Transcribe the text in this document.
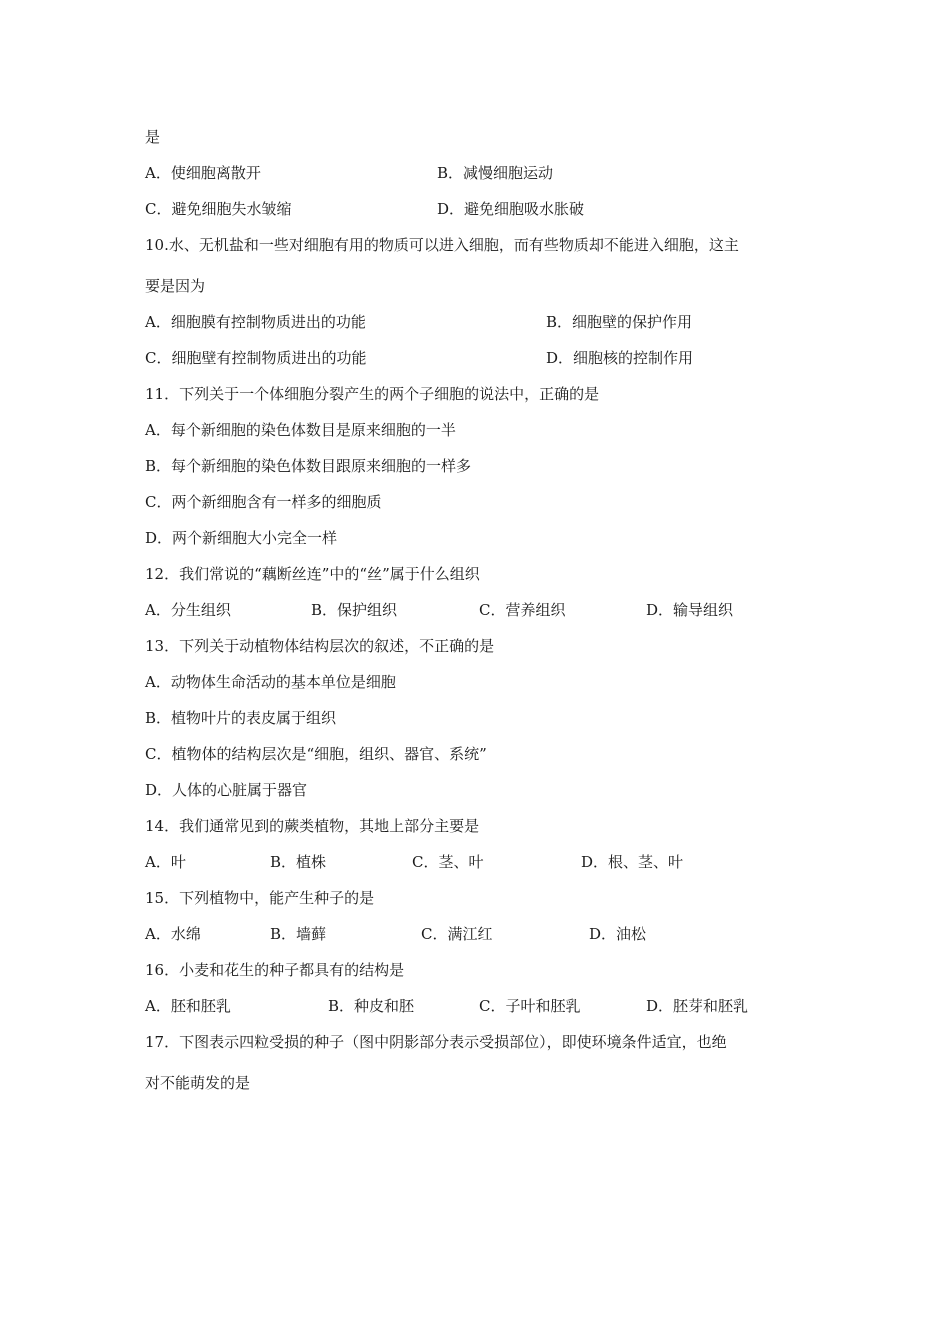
是
A．使细胞离散开	B．减慢细胞运动
C．避免细胞失水皱缩	D．避免细胞吸水胀破
10.水、无机盐和一些对细胞有用的物质可以进入细胞，而有些物质却不能进入细胞，这主
要是因为
A．细胞膜有控制物质进出的功能	B．细胞壁的保护作用
C．细胞壁有控制物质进出的功能	D．细胞核的控制作用
11．下列关于一个体细胞分裂产生的两个子细胞的说法中，正确的是
A．每个新细胞的染色体数目是原来细胞的一半
B．每个新细胞的染色体数目跟原来细胞的一样多
C．两个新细胞含有一样多的细胞质
D．两个新细胞大小完全一样
12．我们常说的“藕断丝连”中的“丝”属于什么组织
A．分生组织	B．保护组织	C．营养组织	D．输导组织
13．下列关于动植物体结构层次的叙述，不正确的是
A．动物体生命活动的基本单位是细胞
B．植物叶片的表皮属于组织
C．植物体的结构层次是“细胞，组织、器官、系统”
D．人体的心脏属于器官
14．我们通常见到的蕨类植物，其地上部分主要是
A．叶	B．植株	C．茎、叶	D．根、茎、叶
15．下列植物中，能产生种子的是
A．水绵	B．墙藓	C．满江红	D．油松
16．小麦和花生的种子都具有的结构是
A．胚和胚乳	B．种皮和胚	C．子叶和胚乳	D．胚芽和胚乳
17．下图表示四粒受损的种子（图中阴影部分表示受损部位），即使环境条件适宜，也绝
对不能萌发的是
